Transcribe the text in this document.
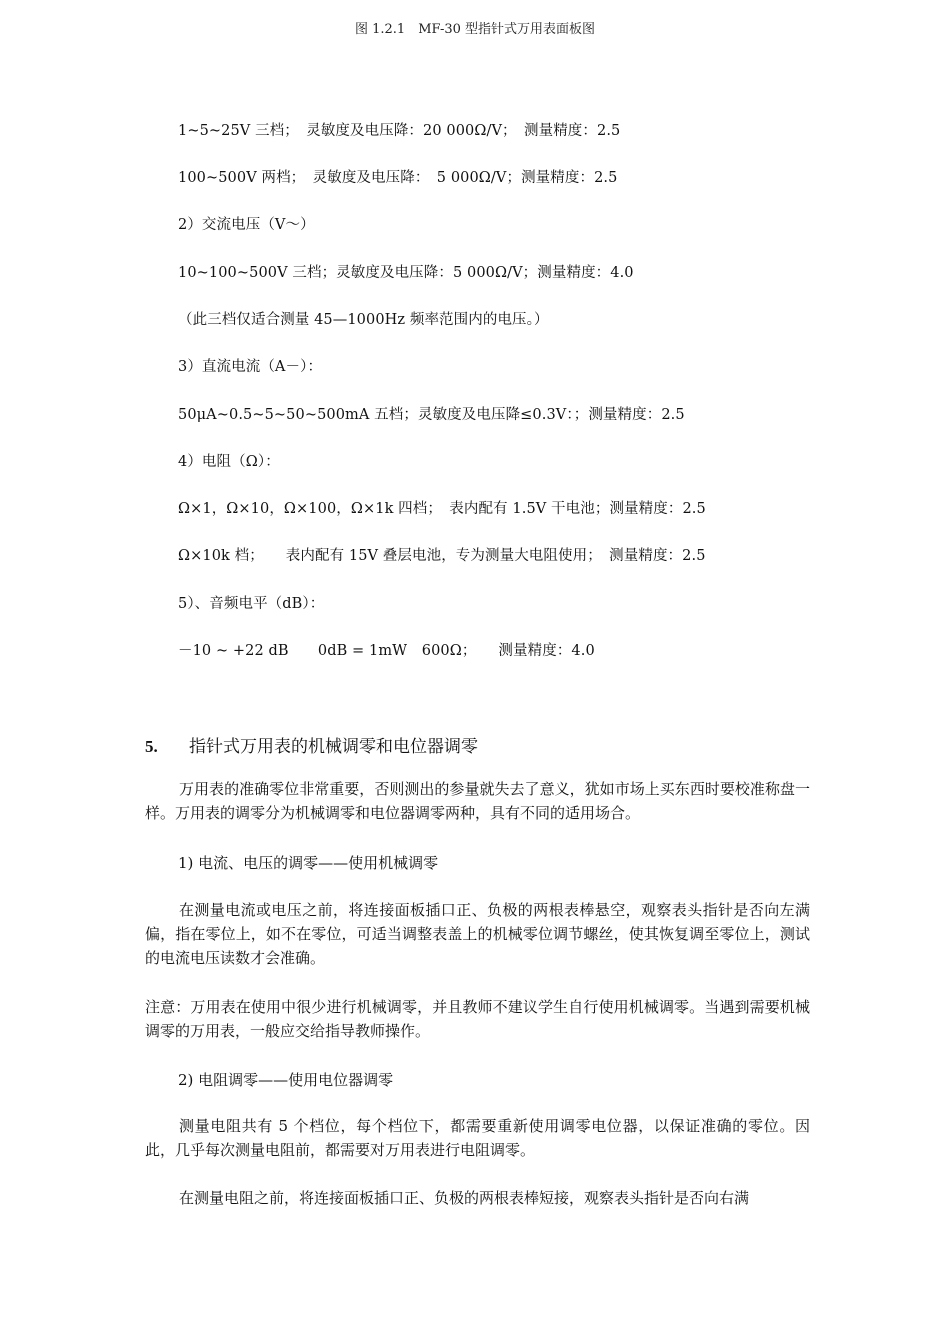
图 1.2.1　MF-30 型指针式万用表面板图
1~5~25V 三档；　灵敏度及电压降：20 000Ω/V；　测量精度：2.5
100~500V 两档；　灵敏度及电压降：　5 000Ω/V；测量精度：2.5
2）交流电压（V～）
10~100~500V 三档；灵敏度及电压降：5 000Ω/V；测量精度：4.0
（此三档仅适合测量 45—1000Hz 频率范围内的电压。）
3）直流电流（A－）：
50μA~0.5~5~50~500mA 五档；灵敏度及电压降≤0.3V：；测量精度：2.5
4）电阻（Ω）：
Ω×1，Ω×10，Ω×100，Ω×1k 四档；　表内配有 1.5V 干电池；测量精度：2.5
Ω×10k 档；　　表内配有 15V 叠层电池，专为测量大电阻使用；　测量精度：2.5
5）、音频电平（dB）：
－10 ~ +22 dB　　0dB = 1mW　600Ω；　　测量精度：4.0
5. 指针式万用表的机械调零和电位器调零
万用表的准确零位非常重要，否则测出的参量就失去了意义，犹如市场上买东西时要校准称盘一样。万用表的调零分为机械调零和电位器调零两种，具有不同的适用场合。
1) 电流、电压的调零——使用机械调零
在测量电流或电压之前，将连接面板插口正、负极的两根表棒悬空，观察表头指针是否向左满偏，指在零位上，如不在零位，可适当调整表盖上的机械零位调节螺丝，使其恢复调至零位上，测试的电流电压读数才会准确。
注意：万用表在使用中很少进行机械调零，并且教师不建议学生自行使用机械调零。当遇到需要机械调零的万用表，一般应交给指导教师操作。
2) 电阻调零——使用电位器调零
测量电阻共有 5 个档位，每个档位下，都需要重新使用调零电位器，以保证准确的零位。因此，几乎每次测量电阻前，都需要对万用表进行电阻调零。
在测量电阻之前，将连接面板插口正、负极的两根表棒短接，观察表头指针是否向右满
